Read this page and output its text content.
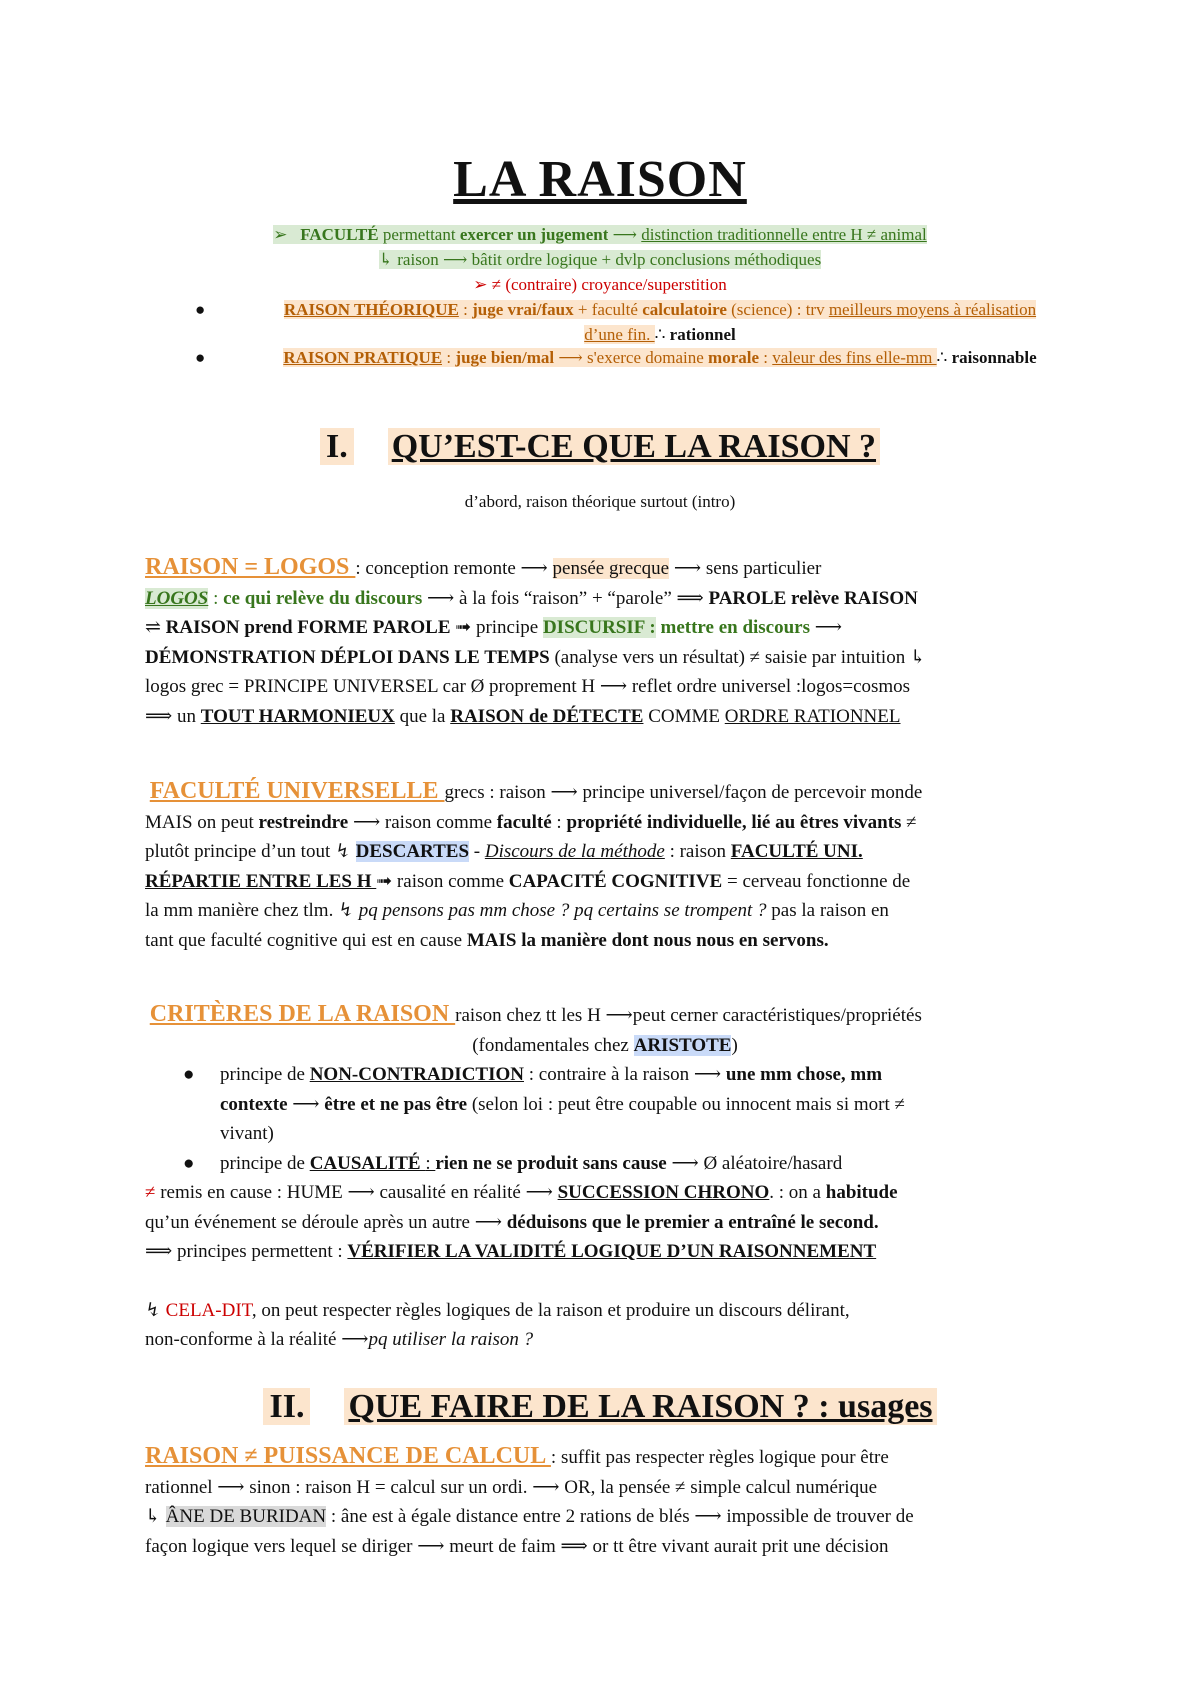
LA RAISON
➢ FACULTÉ permettant exercer un jugement ⟶ distinction traditionnelle entre H ≠ animal
↳ raison ⟶ bâtit ordre logique + dvlp conclusions méthodiques
➢ ≠ (contraire) croyance/superstition
●	RAISON THÉORIQUE : juge vrai/faux + faculté calculatoire (science) : trv meilleurs moyens à réalisation
d’une fin. ∴ rationnel
●	RAISON PRATIQUE : juge bien/mal ⟶ s'exerce domaine morale : valeur des fins elle-mm ∴ raisonnable
I. QU’EST-CE QUE LA RAISON ?
d’abord, raison théorique surtout (intro)
RAISON = LOGOS : conception remonte ⟶ pensée grecque ⟶ sens particulier
LOGOS : ce qui relève du discours ⟶ à la fois “raison” + “parole” ⟹ PAROLE relève RAISON
⇌ RAISON prend FORME PAROLE ➟ principe DISCURSIF : mettre en discours ⟶
DÉMONSTRATION DÉPLOI DANS LE TEMPS (analyse vers un résultat) ≠ saisie par intuition ↳
logos grec = PRINCIPE UNIVERSEL car Ø proprement H ⟶ reflet ordre universel :logos=cosmos
⟹ un TOUT HARMONIEUX que la RAISON de DÉTECTE COMME ORDRE RATIONNEL
FACULTÉ UNIVERSELLE grecs : raison ⟶ principe universel/façon de percevoir monde
MAIS on peut restreindre ⟶ raison comme faculté : propriété individuelle, lié au êtres vivants ≠
plutôt principe d’un tout ↯ DESCARTES - Discours de la méthode : raison FACULTÉ UNI.
RÉPARTIE ENTRE LES H ➟ raison comme CAPACITÉ COGNITIVE = cerveau fonctionne de
la mm manière chez tlm. ↯ pq pensons pas mm chose ? pq certains se trompent ? pas la raison en
tant que faculté cognitive qui est en cause MAIS la manière dont nous nous en servons.
CRITÈRES DE LA RAISON raison chez tt les H ⟶peut cerner caractéristiques/propriétés
(fondamentales chez ARISTOTE)
● principe de NON-CONTRADICTION : contraire à la raison ⟶ une mm chose, mm
contexte ⟶ être et ne pas être (selon loi : peut être coupable ou innocent mais si mort ≠
vivant)
● principe de CAUSALITÉ : rien ne se produit sans cause ⟶ Ø aléatoire/hasard
≠ remis en cause : HUME ⟶ causalité en réalité ⟶ SUCCESSION CHRONO. : on a habitude
qu’un événement se déroule après un autre ⟶ déduisons que le premier a entraîné le second.
⟹ principes permettent : VÉRIFIER LA VALIDITÉ LOGIQUE D’UN RAISONNEMENT
↯ CELA-DIT, on peut respecter règles logiques de la raison et produire un discours délirant,
non-conforme à la réalité ⟶pq utiliser la raison ?
II. QUE FAIRE DE LA RAISON ? : usages
RAISON ≠ PUISSANCE DE CALCUL : suffit pas respecter règles logique pour être
rationnel ⟶ sinon : raison H = calcul sur un ordi. ⟶ OR, la pensée ≠ simple calcul numérique
↳ ÂNE DE BURIDAN : âne est à égale distance entre 2 rations de blés ⟶ impossible de trouver de
façon logique vers lequel se diriger ⟶ meurt de faim ⟹ or tt être vivant aurait prit une décision
